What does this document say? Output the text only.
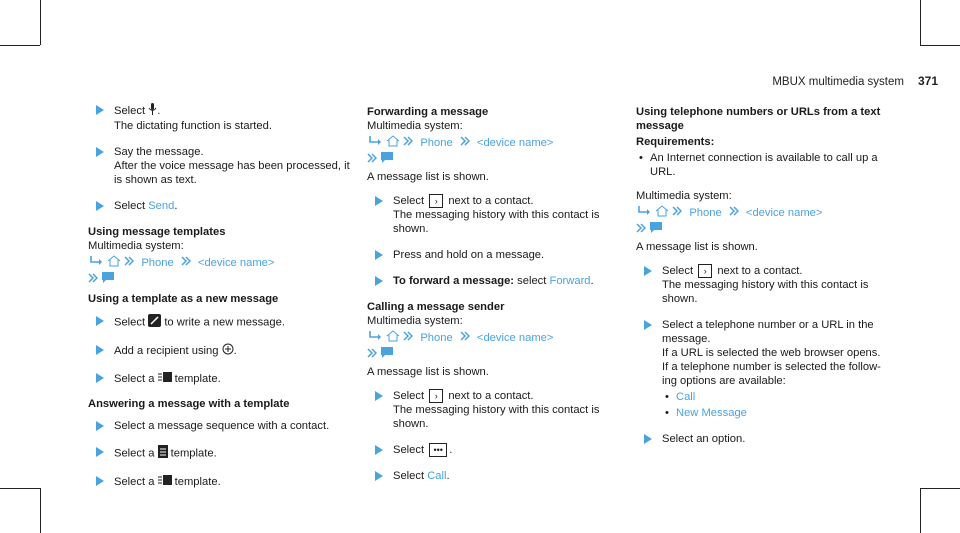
MBUX multimedia system 371
Select .
The dictating function is started.
Say the message.
After the voice message has been processed, it is shown as text.
Select Send.
Using message templates
Multimedia system:
Phone <device name>

Using a template as a new message
Select to write a new message.
Add a recipient using .
Select a template.
Answering a message with a template
Select a message sequence with a contact.
Select a template.
Select a template.
Forwarding a message
Multimedia system:
Phone <device name>

A message list is shown.
Select › next to a contact.
The messaging history with this contact is shown.
Press and hold on a message.
To forward a message: select Forward.
Calling a message sender
Multimedia system:
Phone <device name>

A message list is shown.
Select › next to a contact.
The messaging history with this contact is shown.
Select ••• .
Select Call.
Using telephone numbers or URLs from a text message
Requirements:
• An Internet connection is available to call up a URL.
Multimedia system:
Phone <device name>

A message list is shown.
Select › next to a contact.
The messaging history with this contact is shown.
Select a telephone number or a URL in the message.
If a URL is selected the web browser opens.
If a telephone number is selected the follow- ing options are available:
• Call
• New Message
Select an option.
